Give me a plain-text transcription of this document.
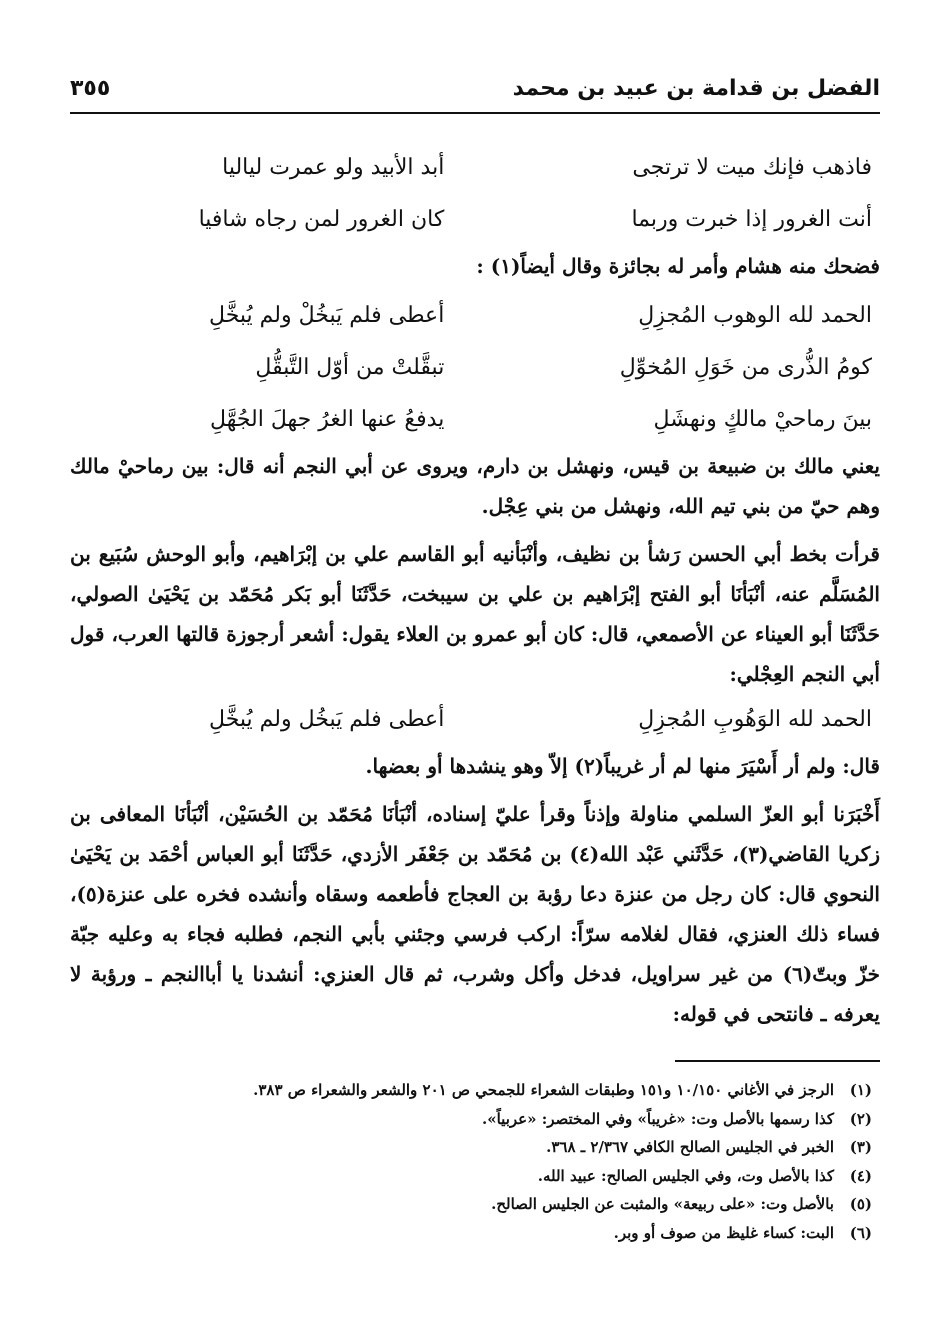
الفضل بن قدامة بن عبيد بن محمد
٣٥٥
فاذهب فإنك ميت لا ترتجى
أبد الأبيد ولو عمرت لياليا
أنت الغرور إذا خبرت وربما
كان الغرور لمن رجاه شافيا

فضحك منه هشام وأمر له بجائزة وقال أيضاً(١) :

الحمد لله الوهوب المُجزِلِ
أعطى فلم يَبخُلْ ولم يُبخَّلِ
كومُ الذُّرى من خَوَلِ المُخوِّلِ
تبقَّلتْ من أوّل التَّبقُّلِ
بينَ رماحيْ مالكٍ ونهشَلِ
يدفعُ عنها الغرُ جهلَ الجُهَّلِ

يعني مالك بن ضبيعة بن قيس، ونهشل بن دارم، ويروى عن أبي النجم أنه قال: بين رماحيْ مالك وهم حيّ من بني تيم الله، ونهشل من بني عِجْل.

قرأت بخط أبي الحسن رَشأ بن نظيف، وأنْبَأنيه أبو القاسم علي بن إبْرَاهيم، وأبو الوحش سُبَيع بن المُسَلَّم عنه، أنْبَأنَا أبو الفتح إبْرَاهيم بن علي بن سيبخت، حَدَّثَنَا أبو بَكر مُحَمّد بن يَحْيَىٰ الصولي، حَدَّثَنَا أبو العيناء عن الأصمعي، قال: كان أبو عمرو بن العلاء يقول: أشعر أرجوزة قالتها العرب، قول أبي النجم العِجْلي:

الحمد لله الوَهُوبِ المُجزِلِ
أعطى فلم يَبخُل ولم يُبخَّلِ

قال: ولم أر أَسْيَرَ منها لم أر غريباً(٢) إلاّ وهو ينشدها أو بعضها.

أَخْبَرَنا أبو العزّ السلمي مناولة وإذناً وقرأ عليّ إسناده، أنْبَأنَا مُحَمّد بن الحُسَيْن، أنْبَأنَا المعافى بن زكريا القاضي(٣)، حَدَّثَني عَبْد الله(٤) بن مُحَمّد بن جَعْفَر الأزدي، حَدَّثَنَا أبو العباس أحْمَد بن يَحْيَىٰ النحوي قال: كان رجل من عنزة دعا رؤبة بن العجاج فأطعمه وسقاه وأنشده فخره على عنزة(٥)، فساء ذلك العنزي، فقال لغلامه سرّاً: اركب فرسي وجئني بأبي النجم، فطلبه فجاء به وعليه جبّة خزّ وبتّ(٦) من غير سراويل، فدخل وأكل وشرب، ثم قال العنزي: أنشدنا يا أباالنجم ـ ورؤبة لا يعرفه ـ فانتحى في قوله:

(١)الرجز في الأغاني ١٠/١٥٠ و١٥١ وطبقات الشعراء للجمحي ص ٢٠١ والشعر والشعراء ص ٣٨٣.
(٢)كذا رسمها بالأصل وت: «غريباً» وفي المختصر: «عربياً».
(٣)الخبر في الجليس الصالح الكافي ٢/٣٦٧ ـ ٣٦٨.
(٤)كذا بالأصل وت، وفي الجليس الصالح: عبيد الله.
(٥)بالأصل وت: «على ربيعة» والمثبت عن الجليس الصالح.
(٦)البت: كساء غليظ من صوف أو وبر.
